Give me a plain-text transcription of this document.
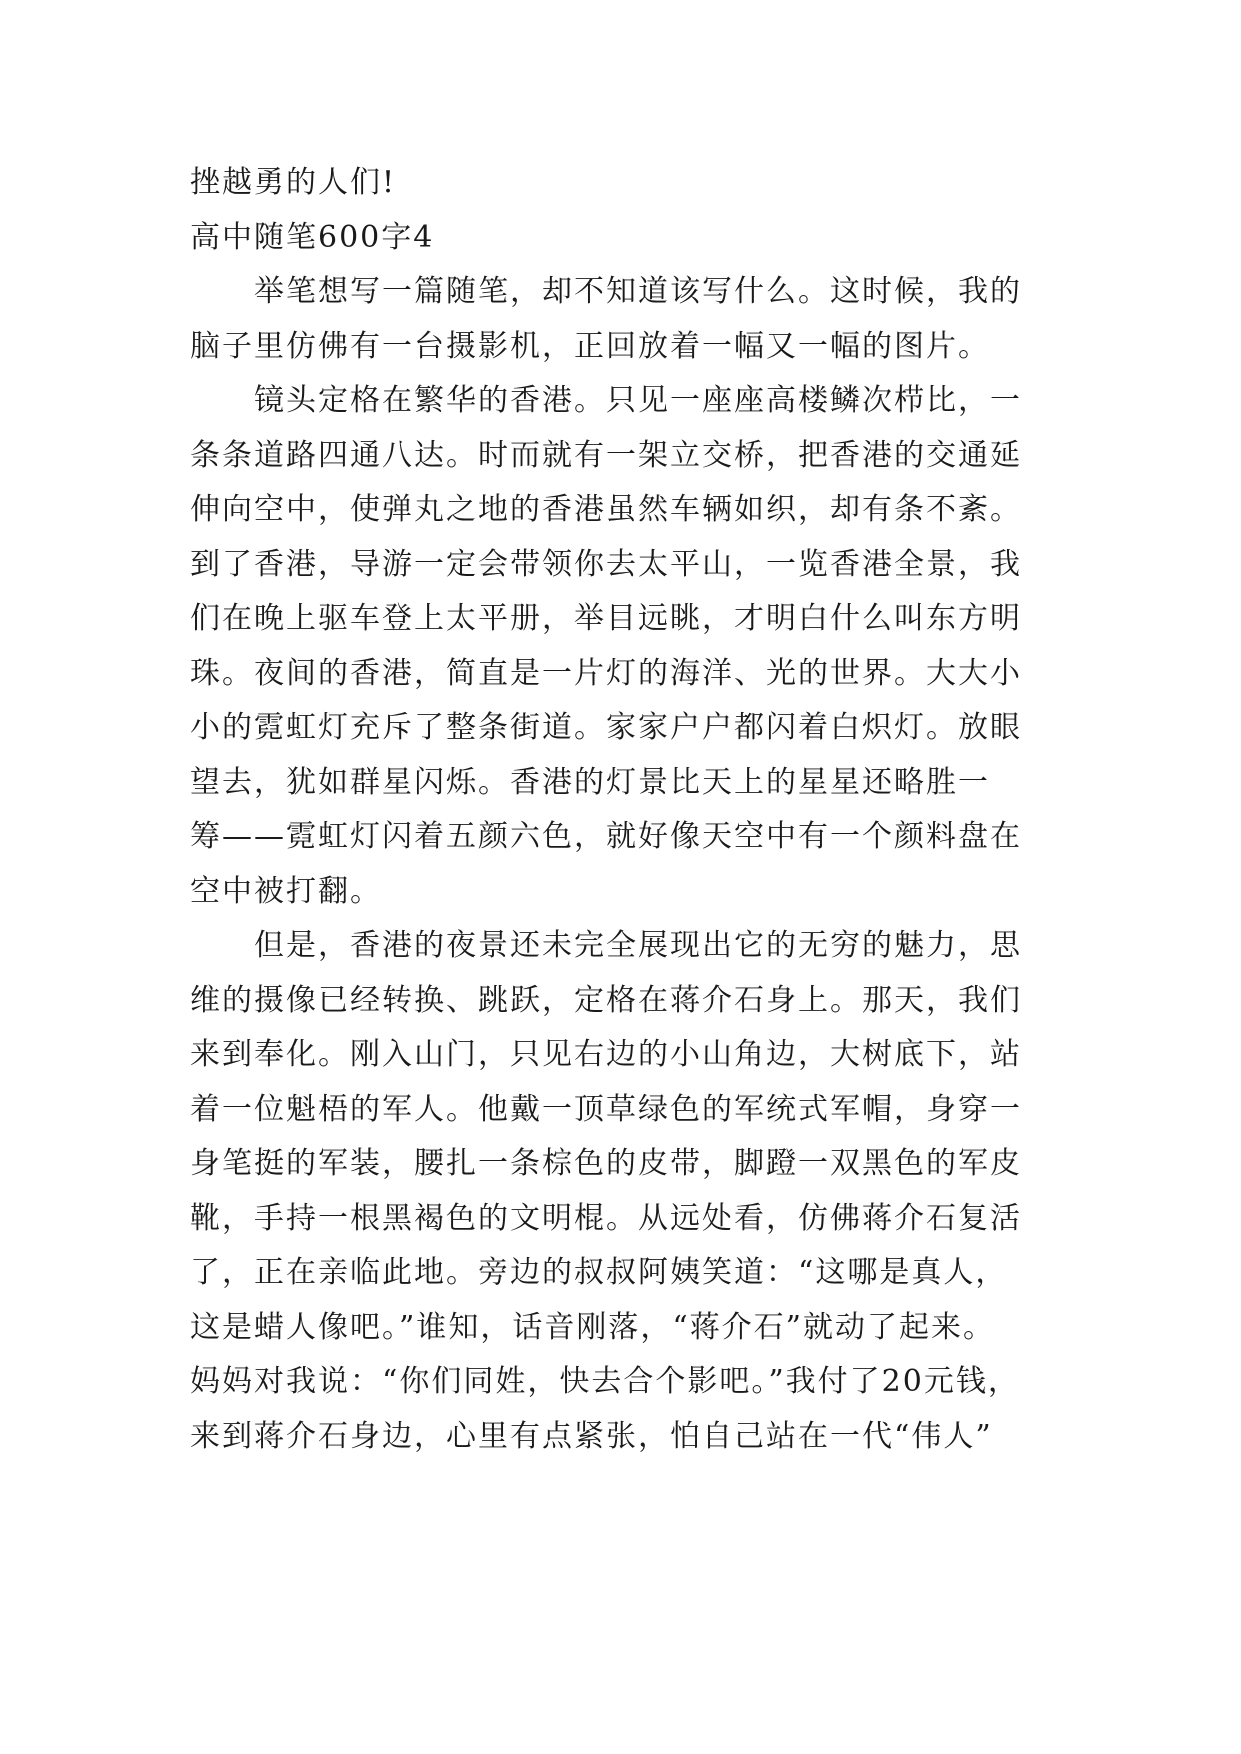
挫越勇的人们!
高中随笔600字4
举笔想写一篇随笔，却不知道该写什么。这时候，我的
脑子里仿佛有一台摄影机，正回放着一幅又一幅的图片。
镜头定格在繁华的香港。只见一座座高楼鳞次栉比，一
条条道路四通八达。时而就有一架立交桥，把香港的交通延
伸向空中，使弹丸之地的香港虽然车辆如织，却有条不紊。
到了香港，导游一定会带领你去太平山，一览香港全景，我
们在晚上驱车登上太平册，举目远眺，才明白什么叫东方明
珠。夜间的香港，简直是一片灯的海洋、光的世界。大大小
小的霓虹灯充斥了整条街道。家家户户都闪着白炽灯。放眼
望去，犹如群星闪烁。香港的灯景比天上的星星还略胜一
筹——霓虹灯闪着五颜六色，就好像天空中有一个颜料盘在
空中被打翻。
但是，香港的夜景还未完全展现出它的无穷的魅力，思
维的摄像已经转换、跳跃，定格在蒋介石身上。那天，我们
来到奉化。刚入山门，只见右边的小山角边，大树底下，站
着一位魁梧的军人。他戴一顶草绿色的军统式军帽，身穿一
身笔挺的军装，腰扎一条棕色的皮带，脚蹬一双黑色的军皮
靴，手持一根黑褐色的文明棍。从远处看，仿佛蒋介石复活
了，正在亲临此地。旁边的叔叔阿姨笑道：“这哪是真人，
这是蜡人像吧。”谁知，话音刚落，“蒋介石”就动了起来。
妈妈对我说：“你们同姓，快去合个影吧。”我付了20元钱，
来到蒋介石身边，心里有点紧张，怕自己站在一代“伟人”
